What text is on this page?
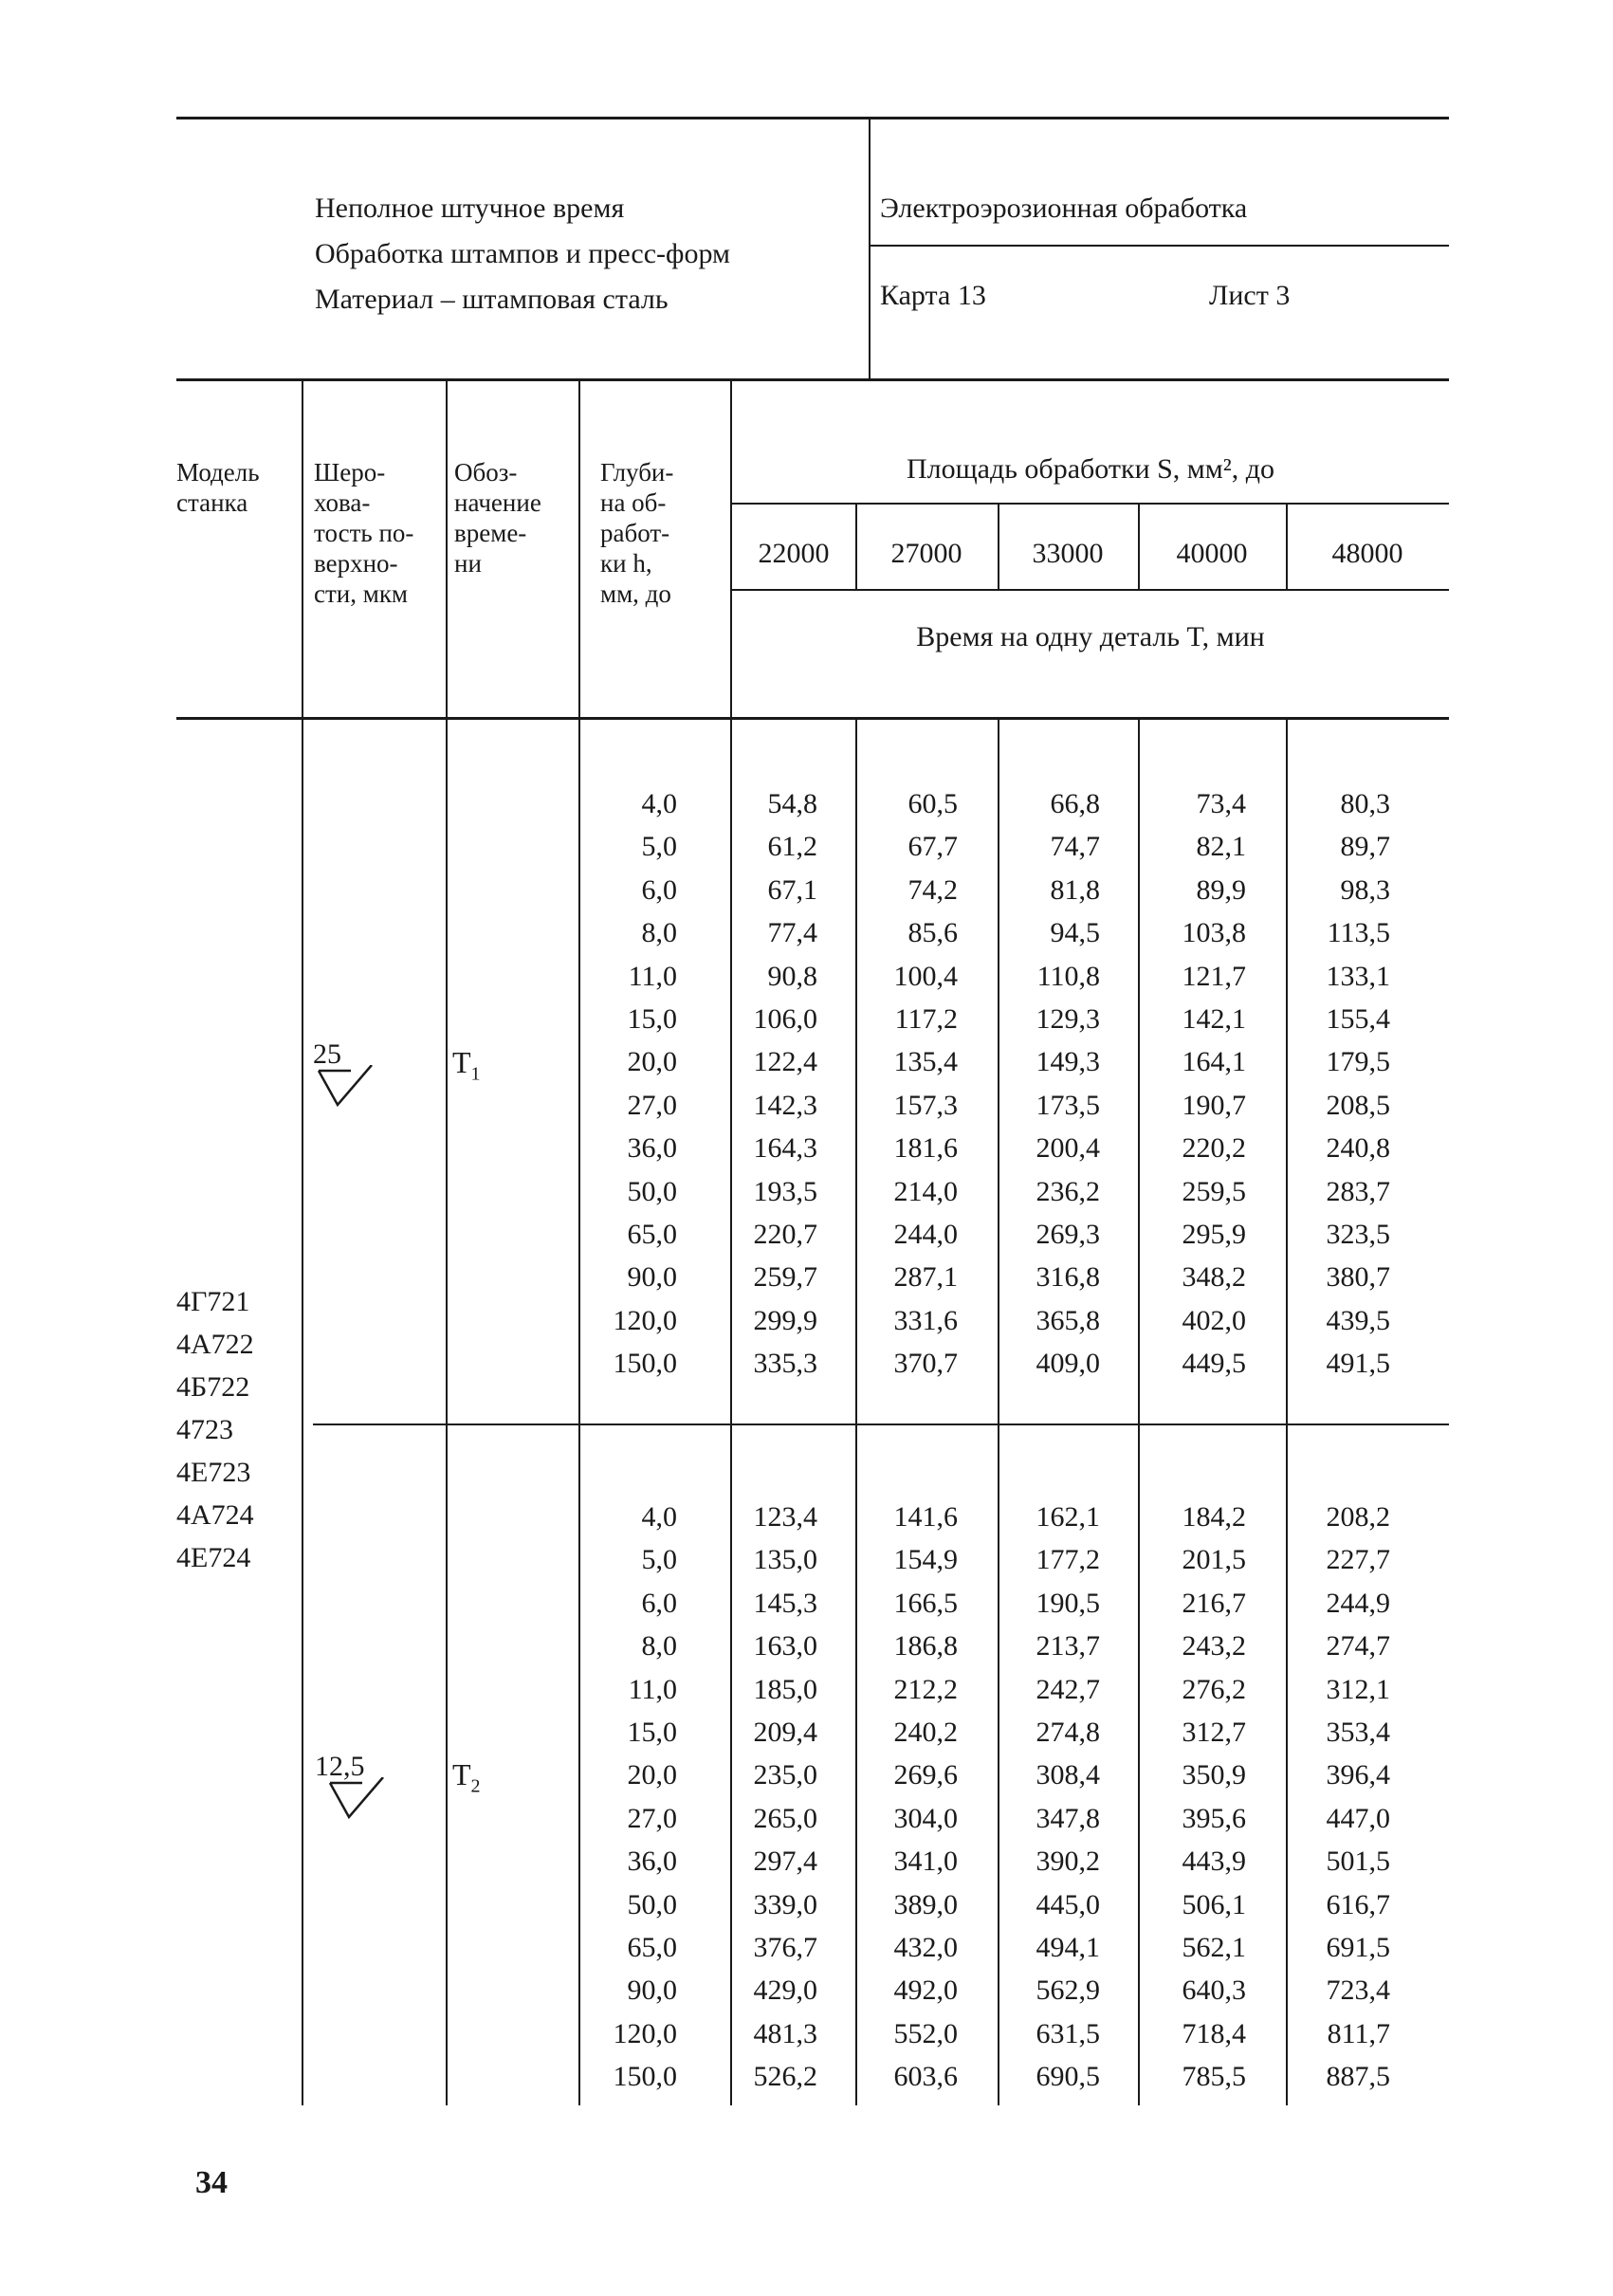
Неполное штучное время
Обработка штампов и пресс-форм
Материал – штамповая сталь
Электроэрозионная обработка
Карта 13	Лист 3
Модель
станка
Шеро-
хова-
тость по-
верхно-
сти, мкм
Обоз-
начение
време-
ни
Глуби-
на об-
работ-
ки h,
мм, до
Площадь обработки S, мм², до
22000	27000	33000	40000	48000
Время на одну деталь T, мин
4Г721
4А722
4Б722
4723
4Е723
4А724
4Е724
25
12,5
$T_1$
$T_2$
4,0	54,8	60,5	66,8	73,4	80,3
5,0	61,2	67,7	74,7	82,1	89,7
6,0	67,1	74,2	81,8	89,9	98,3
8,0	77,4	85,6	94,5	103,8	113,5
11,0	90,8	100,4	110,8	121,7	133,1
15,0	106,0	117,2	129,3	142,1	155,4
20,0	122,4	135,4	149,3	164,1	179,5
27,0	142,3	157,3	173,5	190,7	208,5
36,0	164,3	181,6	200,4	220,2	240,8
50,0	193,5	214,0	236,2	259,5	283,7
65,0	220,7	244,0	269,3	295,9	323,5
90,0	259,7	287,1	316,8	348,2	380,7
120,0	299,9	331,6	365,8	402,0	439,5
150,0	335,3	370,7	409,0	449,5	491,5
4,0	123,4	141,6	162,1	184,2	208,2
5,0	135,0	154,9	177,2	201,5	227,7
6,0	145,3	166,5	190,5	216,7	244,9
8,0	163,0	186,8	213,7	243,2	274,7
11,0	185,0	212,2	242,7	276,2	312,1
15,0	209,4	240,2	274,8	312,7	353,4
20,0	235,0	269,6	308,4	350,9	396,4
27,0	265,0	304,0	347,8	395,6	447,0
36,0	297,4	341,0	390,2	443,9	501,5
50,0	339,0	389,0	445,0	506,1	616,7
65,0	376,7	432,0	494,1	562,1	691,5
90,0	429,0	492,0	562,9	640,3	723,4
120,0	481,3	552,0	631,5	718,4	811,7
150,0	526,2	603,6	690,5	785,5	887,5
34
